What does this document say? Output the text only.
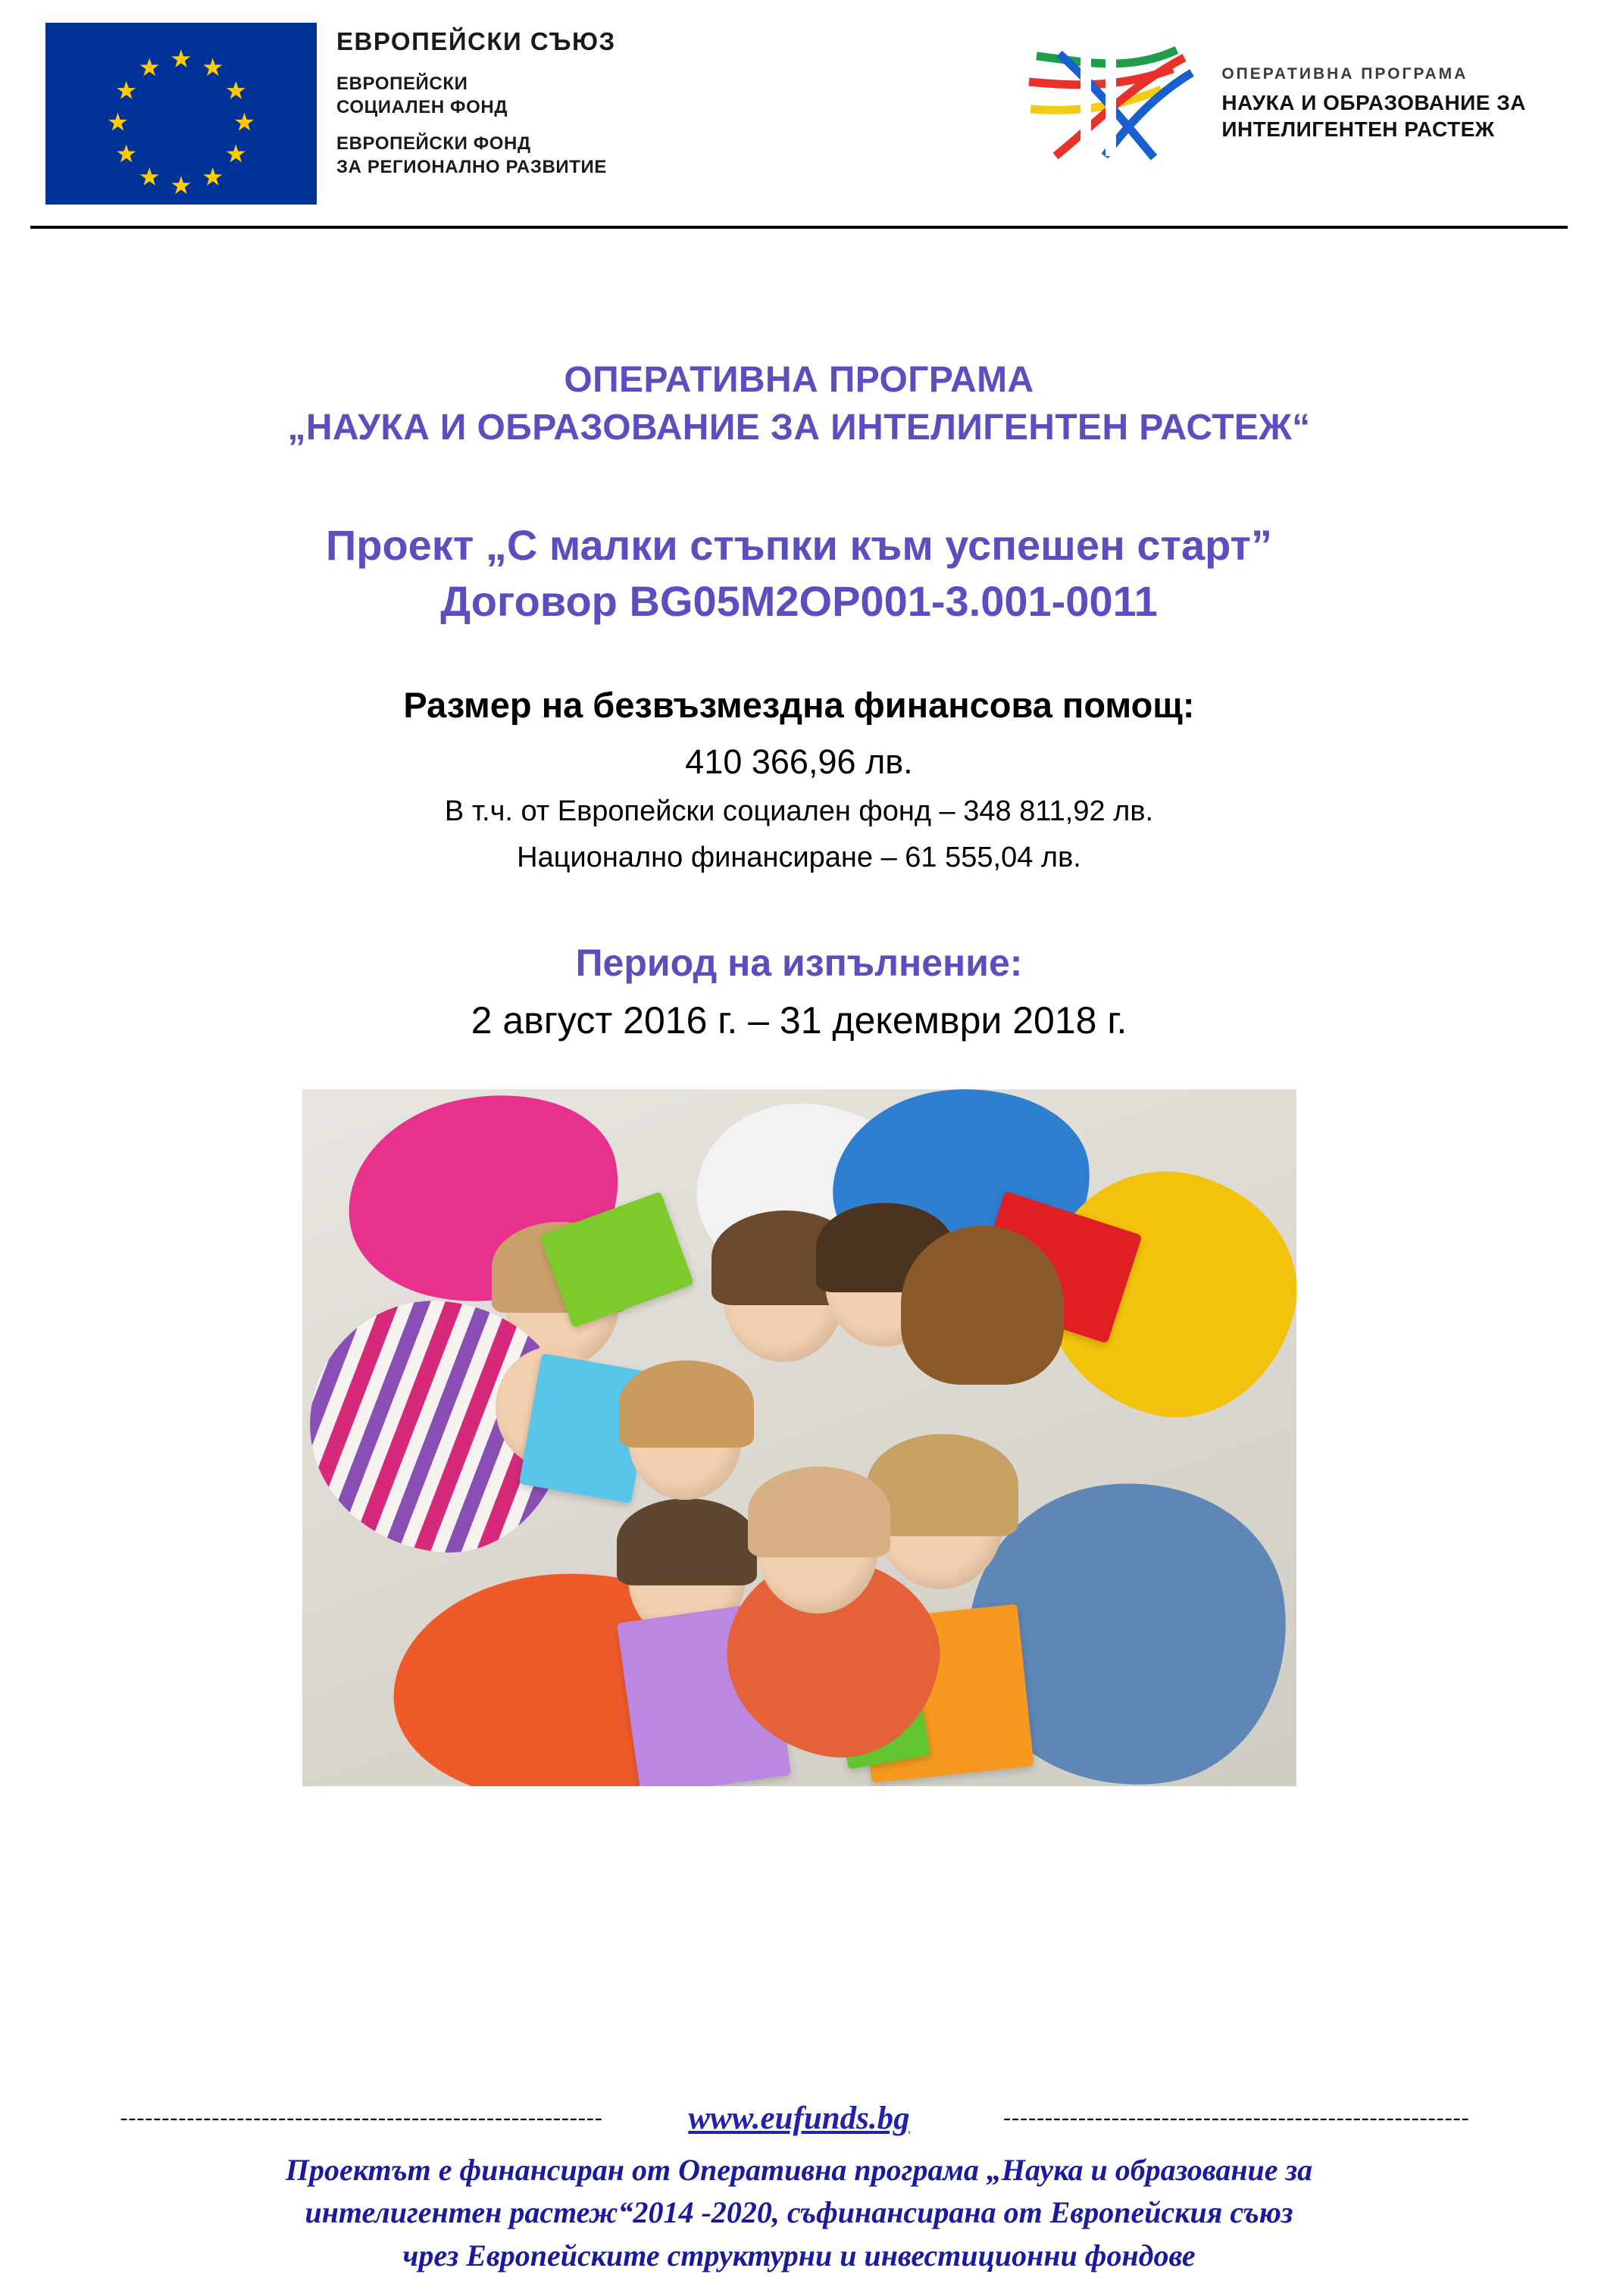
ЕВРОПЕЙСКИ СЪЮЗ
ЕВРОПЕЙСКИ
СОЦИАЛЕН ФОНД
ЕВРОПЕЙСКИ ФОНД
ЗА РЕГИОНАЛНО РАЗВИТИЕ
ОПЕРАТИВНА ПРОГРАМА
НАУКА И ОБРАЗОВАНИЕ ЗА
ИНТЕЛИГЕНТЕН РАСТЕЖ
ОПЕРАТИВНА ПРОГРАМА
„НАУКА И ОБРАЗОВАНИЕ ЗА ИНТЕЛИГЕНТЕН РАСТЕЖ“
Проект „С малки стъпки към успешен старт”
Договор BG05M2OP001-3.001-0011
Размер на безвъзмездна финансова помощ:
410 366,96 лв.
В т.ч. от Европейски социален фонд – 348 811,92 лв.
Национално финансиране – 61 555,04 лв.
Период на изпълнение:
2 август 2016 г. – 31 декември 2018 г.
----------------------------------------------------------	www.eufunds.bg	--------------------------------------------------------
Проектът е финансиран от Оперативна програма „Наука и образование за
интелигентен растеж“2014 -2020, съфинансирана от Европейския съюз
чрез Европейските структурни и инвестиционни фондове
